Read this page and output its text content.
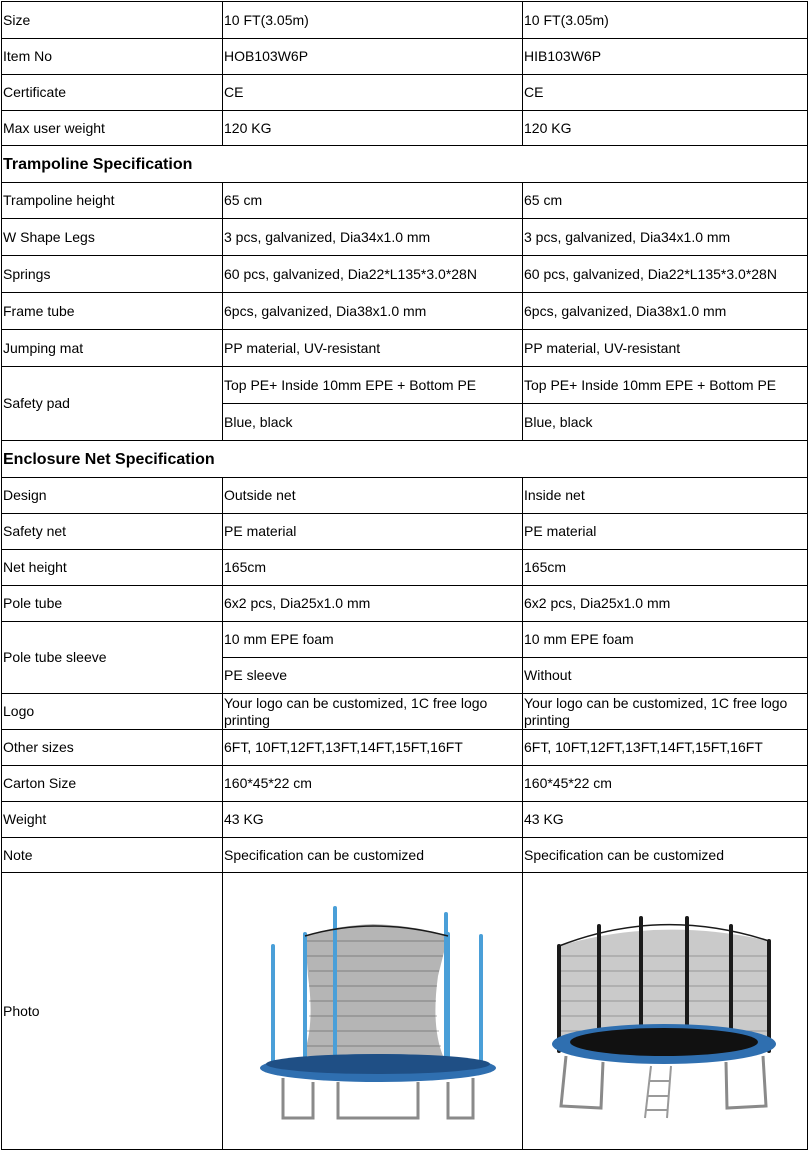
Size	10 FT(3.05m)	10 FT(3.05m)
Item No	HOB103W6P	HIB103W6P
Certificate	CE	CE
Max user weight	120 KG	120 KG
Trampoline Specification		
Trampoline height	65 cm	65 cm
W Shape Legs	3 pcs, galvanized, Dia34x1.0 mm	3 pcs, galvanized, Dia34x1.0 mm
Springs	60 pcs, galvanized, Dia22*L135*3.0*28N	60 pcs, galvanized, Dia22*L135*3.0*28N
Frame tube	6pcs, galvanized, Dia38x1.0 mm	6pcs, galvanized, Dia38x1.0 mm
Jumping mat	PP material, UV-resistant	PP material, UV-resistant
Safety pad	Top PE+ Inside 10mm EPE + Bottom PE	Top PE+ Inside 10mm EPE + Bottom PE
	Blue, black	Blue, black
Enclosure Net Specification		
Design	Outside net	Inside net
Safety net	PE material	PE material
Net height	165cm	165cm
Pole tube	6x2 pcs, Dia25x1.0 mm	6x2 pcs, Dia25x1.0 mm
Pole tube sleeve	10 mm EPE foam	10 mm EPE foam
	PE sleeve	Without
Logo	Your logo can be customized, 1C free logo printing	Your logo can be customized, 1C free logo printing
Other sizes	6FT, 10FT,12FT,13FT,14FT,15FT,16FT	6FT, 10FT,12FT,13FT,14FT,15FT,16FT
Carton Size	160*45*22 cm	160*45*22 cm
Weight	43 KG	43 KG
Note	Specification can be customized	Specification can be customized
Photo	
